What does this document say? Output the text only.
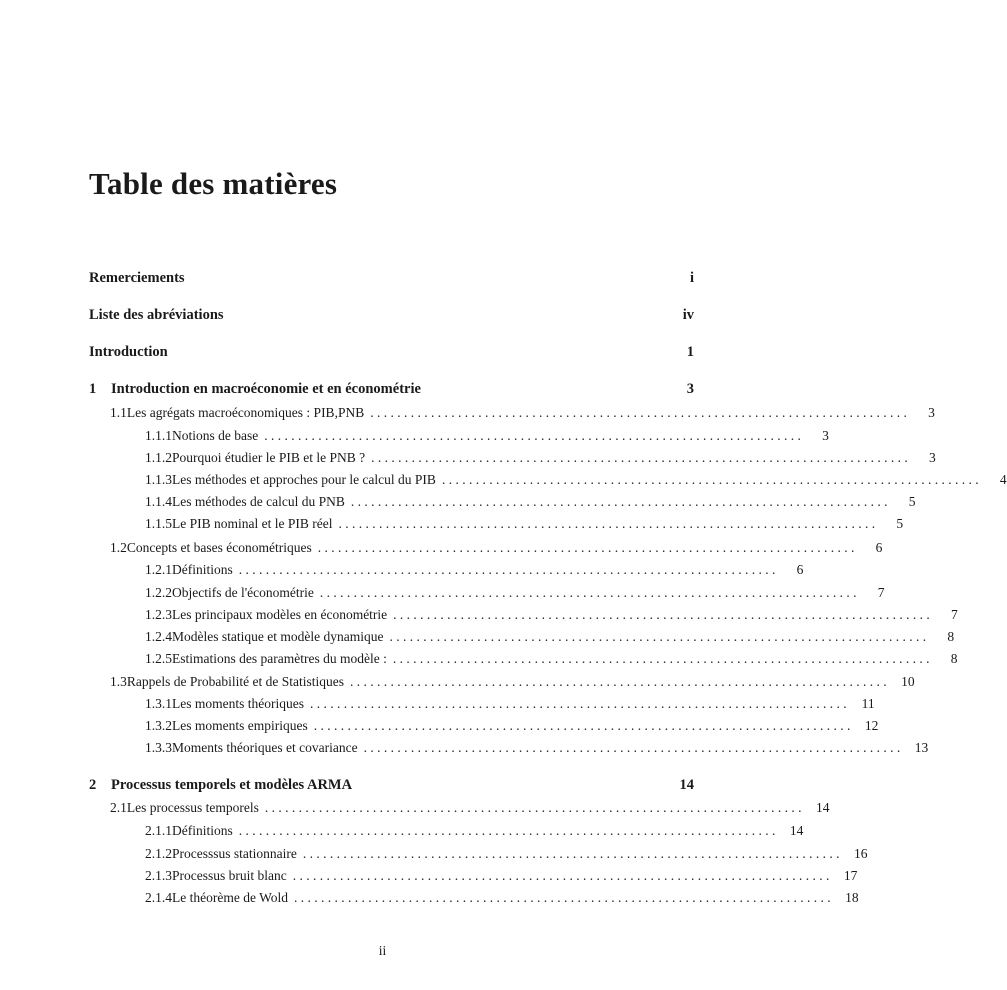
Table des matières
Remerciements	i
Liste des abréviations	iv
Introduction	1
1	Introduction en macroéconomie et en économétrie	3
1.1 Les agrégats macroéconomiques : PIB,PNB . . . . . . . . . . . . . . . . . . . . . . . . . . . . . . . . . . . . . . . . . . . . . . . . . . . . . . . . . . . . . . . . . . . . . . . . . . . . . . . .	3
1.1.1 Notions de base . . . . . . . . . . . . . . . . . . . . . . . . . . . . . . . . . . . . . . . . . . . . . . . . . . . . . . . . . . . . . . . . . . . . . . . . . . . . . . . .	3
1.1.2 Pourquoi étudier le PIB et le PNB ? . . . . . . . . . . . . . . . . . . . . . . . . . . . . . . . . . . . . . . . . . . . . . . . . . . . . . . . . . . . . . . . . . . . . . . . . . . . . . . . .	3
1.1.3 Les méthodes et approches pour le calcul du PIB . . . . . . . . . . . . . . . . . . . . . . . . . . . . . . . . . . . . . . . . . . . . . . . . . . . . . . . . . . . . . . . . . . . . . . . . . . . . . . . .	4
1.1.4 Les méthodes de calcul du PNB . . . . . . . . . . . . . . . . . . . . . . . . . . . . . . . . . . . . . . . . . . . . . . . . . . . . . . . . . . . . . . . . . . . . . . . . . . . . . . . .	5
1.1.5 Le PIB nominal et le PIB réel . . . . . . . . . . . . . . . . . . . . . . . . . . . . . . . . . . . . . . . . . . . . . . . . . . . . . . . . . . . . . . . . . . . . . . . . . . . . . . . .	5
1.2 Concepts et bases économétriques . . . . . . . . . . . . . . . . . . . . . . . . . . . . . . . . . . . . . . . . . . . . . . . . . . . . . . . . . . . . . . . . . . . . . . . . . . . . . . . .	6
1.2.1 Définitions . . . . . . . . . . . . . . . . . . . . . . . . . . . . . . . . . . . . . . . . . . . . . . . . . . . . . . . . . . . . . . . . . . . . . . . . . . . . . . . .	6
1.2.2 Objectifs de l'économétrie . . . . . . . . . . . . . . . . . . . . . . . . . . . . . . . . . . . . . . . . . . . . . . . . . . . . . . . . . . . . . . . . . . . . . . . . . . . . . . . .	7
1.2.3 Les principaux modèles en économétrie . . . . . . . . . . . . . . . . . . . . . . . . . . . . . . . . . . . . . . . . . . . . . . . . . . . . . . . . . . . . . . . . . . . . . . . . . . . . . . . .	7
1.2.4 Modèles statique et modèle dynamique . . . . . . . . . . . . . . . . . . . . . . . . . . . . . . . . . . . . . . . . . . . . . . . . . . . . . . . . . . . . . . . . . . . . . . . . . . . . . . . .	8
1.2.5 Estimations des paramètres du modèle : . . . . . . . . . . . . . . . . . . . . . . . . . . . . . . . . . . . . . . . . . . . . . . . . . . . . . . . . . . . . . . . . . . . . . . . . . . . . . . . .	8
1.3 Rappels de Probabilité et de Statistiques . . . . . . . . . . . . . . . . . . . . . . . . . . . . . . . . . . . . . . . . . . . . . . . . . . . . . . . . . . . . . . . . . . . . . . . . . . . . . . . .	10
1.3.1 Les moments théoriques . . . . . . . . . . . . . . . . . . . . . . . . . . . . . . . . . . . . . . . . . . . . . . . . . . . . . . . . . . . . . . . . . . . . . . . . . . . . . . . .	11
1.3.2 Les moments empiriques . . . . . . . . . . . . . . . . . . . . . . . . . . . . . . . . . . . . . . . . . . . . . . . . . . . . . . . . . . . . . . . . . . . . . . . . . . . . . . . .	12
1.3.3 Moments théoriques et covariance . . . . . . . . . . . . . . . . . . . . . . . . . . . . . . . . . . . . . . . . . . . . . . . . . . . . . . . . . . . . . . . . . . . . . . . . . . . . . . . .	13
2	Processus temporels et modèles ARMA	14
2.1 Les processus temporels . . . . . . . . . . . . . . . . . . . . . . . . . . . . . . . . . . . . . . . . . . . . . . . . . . . . . . . . . . . . . . . . . . . . . . . . . . . . . . . .	14
2.1.1 Définitions . . . . . . . . . . . . . . . . . . . . . . . . . . . . . . . . . . . . . . . . . . . . . . . . . . . . . . . . . . . . . . . . . . . . . . . . . . . . . . . .	14
2.1.2 Processsus stationnaire . . . . . . . . . . . . . . . . . . . . . . . . . . . . . . . . . . . . . . . . . . . . . . . . . . . . . . . . . . . . . . . . . . . . . . . . . . . . . . . .	16
2.1.3 Processus bruit blanc . . . . . . . . . . . . . . . . . . . . . . . . . . . . . . . . . . . . . . . . . . . . . . . . . . . . . . . . . . . . . . . . . . . . . . . . . . . . . . . .	17
2.1.4 Le théorème de Wold . . . . . . . . . . . . . . . . . . . . . . . . . . . . . . . . . . . . . . . . . . . . . . . . . . . . . . . . . . . . . . . . . . . . . . . . . . . . . . . .	18
ii
